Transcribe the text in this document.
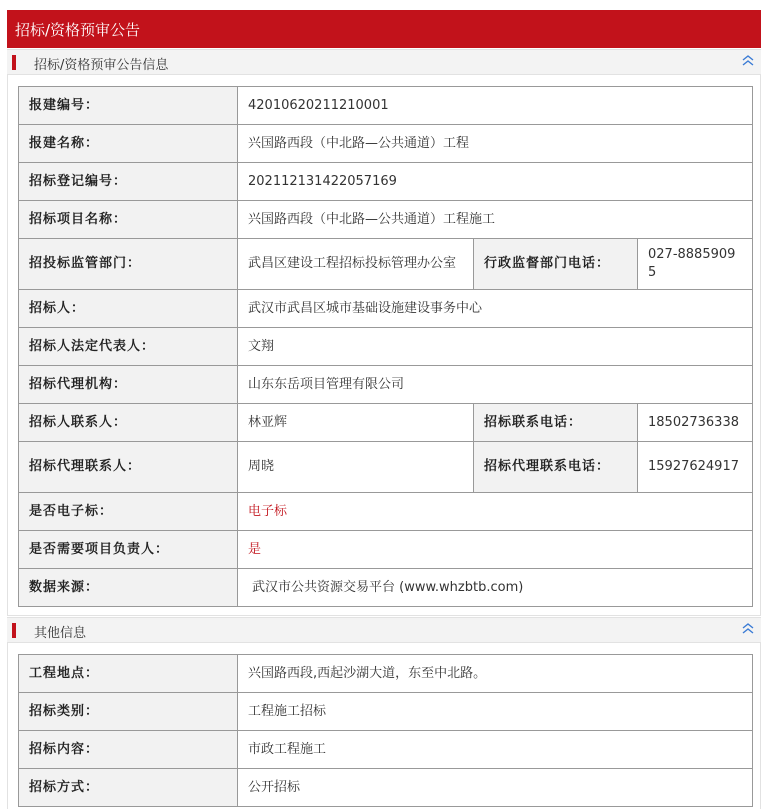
招标/资格预审公告
招标/资格预审公告信息
报建编号：	42010620211210001		
报建名称：	兴国路西段（中北路—公共通道）工程		
招标登记编号：	202112131422057169		
招标项目名称：	兴国路西段（中北路—公共通道）工程施工		
招投标监管部门：	武昌区建设工程招标投标管理办公室	行政监督部门电话：	027-88859095
招标人：	武汉市武昌区城市基础设施建设事务中心		
招标人法定代表人：	文翔		
招标代理机构：	山东东岳项目管理有限公司		
招标人联系人：	林亚辉	招标联系电话：	18502736338
招标代理联系人：	周晓	招标代理联系电话：	15927624917
是否电子标：	电子标		
是否需要项目负责人：	是		
数据来源：	武汉市公共资源交易平台 (www.whzbtb.com)		
其他信息
工程地点：	兴国路西段,西起沙湖大道，东至中北路。
招标类别：	工程施工招标
招标内容：	市政工程施工
招标方式：	公开招标
